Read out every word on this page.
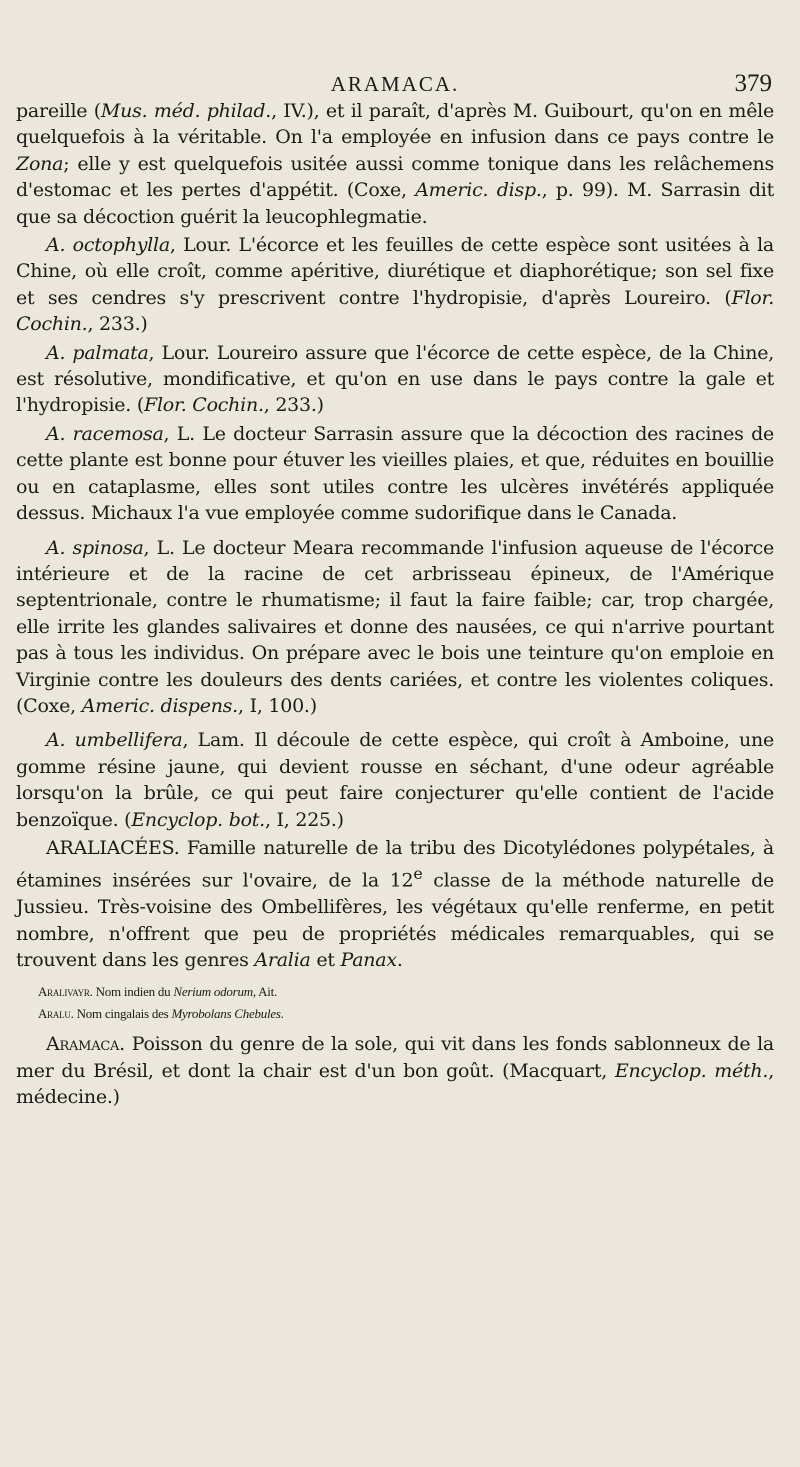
ARAMACA.	379

pareille (Mus. méd. philad., IV.), et il paraît, d'après M. Guibourt, qu'on en mêle quelquefois à la véritable. On l'a employée en infusion dans ce pays contre le Zona; elle y est quelquefois usitée aussi comme tonique dans les relâchemens d'estomac et les pertes d'appétit. (Coxe, Americ. disp., p. 99). M. Sarrasin dit que sa décoction guérit la leucophlegmatie.

A. octophylla, Lour. L'écorce et les feuilles de cette espèce sont usitées à la Chine, où elle croît, comme apéritive, diurétique et diaphorétique; son sel fixe et ses cendres s'y prescrivent contre l'hydropisie, d'après Loureiro. (Flor. Cochin., 233.)

A. palmata, Lour. Loureiro assure que l'écorce de cette espèce, de la Chine, est résolutive, mondificative, et qu'on en use dans le pays contre la gale et l'hydropisie. (Flor. Cochin., 233.)

A. racemosa, L. Le docteur Sarrasin assure que la décoction des racines de cette plante est bonne pour étuver les vieilles plaies, et que, réduites en bouillie ou en cataplasme, elles sont utiles contre les ulcères invétérés appliquée dessus. Michaux l'a vue employée comme sudorifique dans le Canada.

A. spinosa, L. Le docteur Meara recommande l'infusion aqueuse de l'écorce intérieure et de la racine de cet arbrisseau épineux, de l'Amérique septentrionale, contre le rhumatisme; il faut la faire faible; car, trop chargée, elle irrite les glandes salivaires et donne des nausées, ce qui n'arrive pourtant pas à tous les individus. On prépare avec le bois une teinture qu'on emploie en Virginie contre les douleurs des dents cariées, et contre les violentes coliques. (Coxe, Americ. dispens., I, 100.)

A. umbellifera, Lam. Il découle de cette espèce, qui croît à Amboine, une gomme résine jaune, qui devient rousse en séchant, d'une odeur agréable lorsqu'on la brûle, ce qui peut faire conjecturer qu'elle contient de l'acide benzoïque. (Encyclop. bot., I, 225.)

ARALIACÉES. Famille naturelle de la tribu des Dicotylédones polypétales, à étamines insérées sur l'ovaire, de la 12e classe de la méthode naturelle de Jussieu. Très-voisine des Ombellifères, les végétaux qu'elle renferme, en petit nombre, n'offrent que peu de propriétés médicales remarquables, qui se trouvent dans les genres Aralia et Panax.

Aralivayr. Nom indien du Nerium odorum, Ait.

Aralu. Nom cingalais des Myrobolans Chebules.

Aramaca. Poisson du genre de la sole, qui vit dans les fonds sablonneux de la mer du Brésil, et dont la chair est d'un bon goût. (Macquart, Encyclop. méth., médecine.)
